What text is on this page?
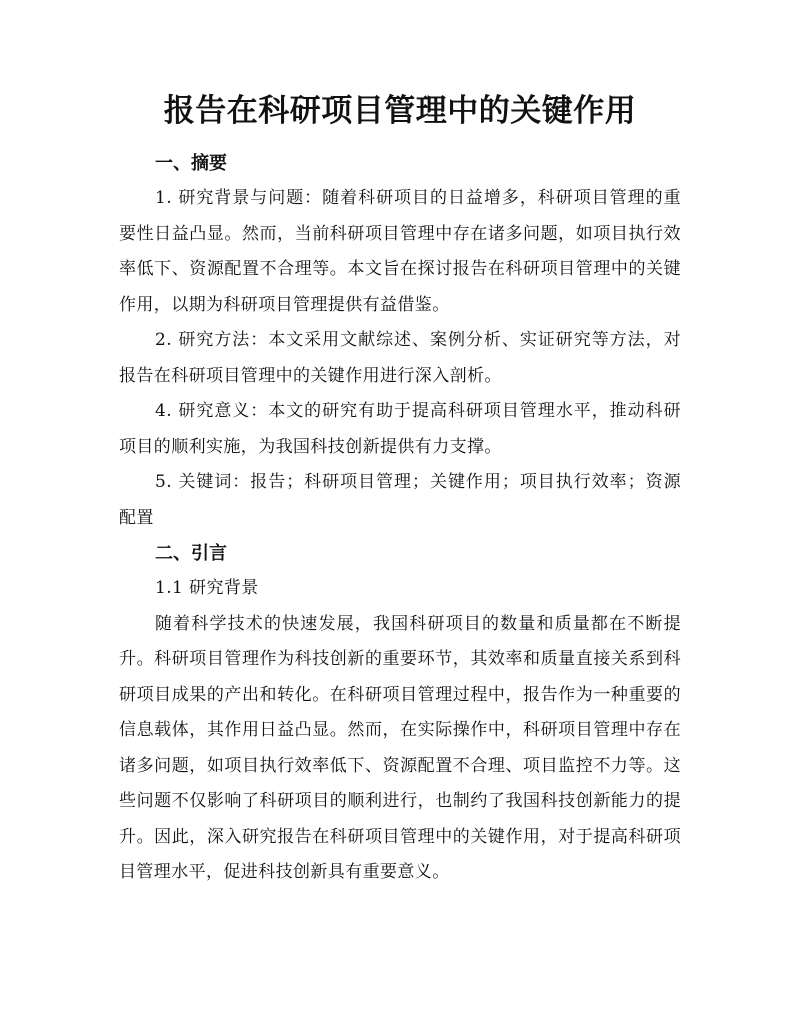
报告在科研项目管理中的关键作用
一、摘要

1. 研究背景与问题：随着科研项目的日益增多，科研项目管理的重要性日益凸显。然而，当前科研项目管理中存在诸多问题，如项目执行效率低下、资源配置不合理等。本文旨在探讨报告在科研项目管理中的关键作用，以期为科研项目管理提供有益借鉴。

2. 研究方法：本文采用文献综述、案例分析、实证研究等方法，对报告在科研项目管理中的关键作用进行深入剖析。

4. 研究意义：本文的研究有助于提高科研项目管理水平，推动科研项目的顺利实施，为我国科技创新提供有力支撑。

5. 关键词：报告；科研项目管理；关键作用；项目执行效率；资源配置

二、引言

1.1 研究背景

随着科学技术的快速发展，我国科研项目的数量和质量都在不断提升。科研项目管理作为科技创新的重要环节，其效率和质量直接关系到科研项目成果的产出和转化。在科研项目管理过程中，报告作为一种重要的信息载体，其作用日益凸显。然而，在实际操作中，科研项目管理中存在诸多问题，如项目执行效率低下、资源配置不合理、项目监控不力等。这些问题不仅影响了科研项目的顺利进行，也制约了我国科技创新能力的提升。因此，深入研究报告在科研项目管理中的关键作用，对于提高科研项目管理水平，促进科技创新具有重要意义。
